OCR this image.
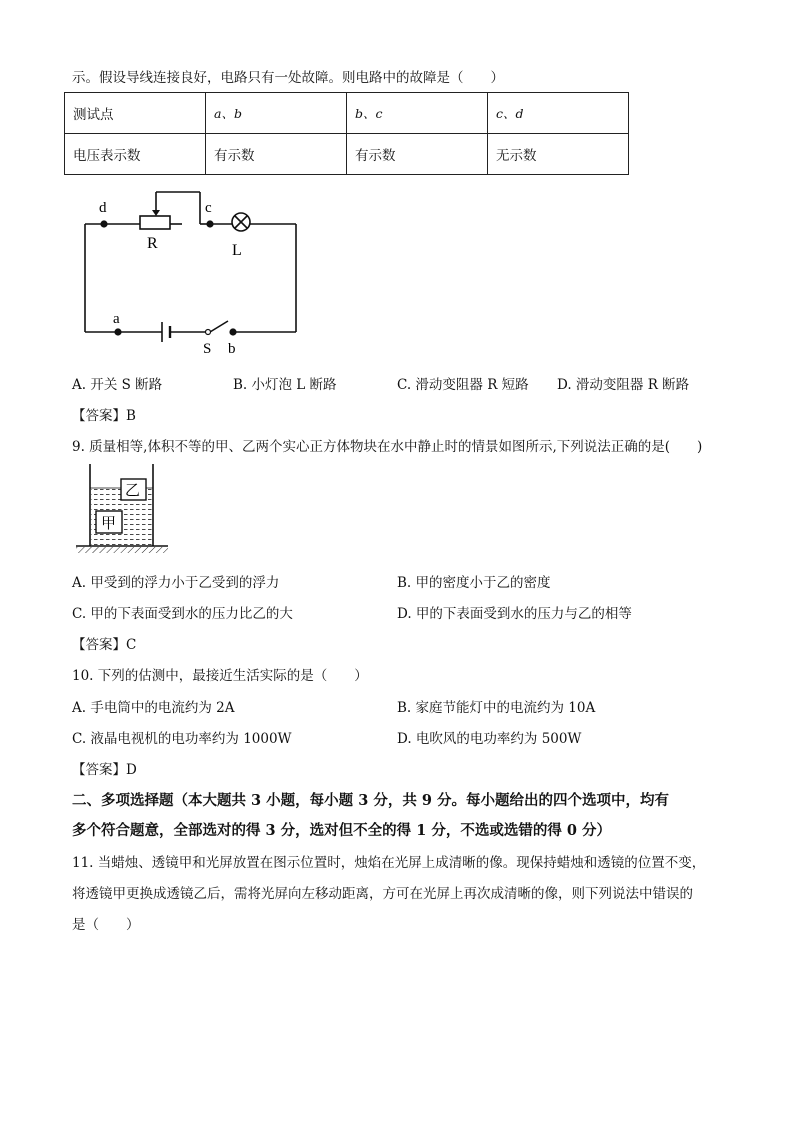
示。假设导线连接良好，电路只有一处故障。则电路中的故障是（　　）
测试点	a、b	b、c	c、d
电压表示数	有示数	有示数	无示数
d	c
R	L
a
S b
A. 开关 S 断路	B. 小灯泡 L 断路	C. 滑动变阻器 R 短路 D. 滑动变阻器 R 断路
【答案】B
9. 质量相等,体积不等的甲、乙两个实心正方体物块在水中静止时的情景如图所示,下列说法正确的是(　　)
乙
甲
A. 甲受到的浮力小于乙受到的浮力	B. 甲的密度小于乙的密度
C. 甲的下表面受到水的压力比乙的大	D. 甲的下表面受到水的压力与乙的相等
【答案】C
10. 下列的估测中，最接近生活实际的是（　　）
A. 手电筒中的电流约为 2A	B. 家庭节能灯中的电流约为 10A
C. 液晶电视机的电功率约为 1000W	D. 电吹风的电功率约为 500W
【答案】D
二、多项选择题（本大题共 3 小题，每小题 3 分，共 9 分。每小题给出的四个选项中，均有
多个符合题意，全部选对的得 3 分，选对但不全的得 1 分，不选或选错的得 0 分）
11. 当蜡烛、透镜甲和光屏放置在图示位置时，烛焰在光屏上成清晰的像。现保持蜡烛和透镜的位置不变，
将透镜甲更换成透镜乙后，需将光屏向左移动距离，方可在光屏上再次成清晰的像，则下列说法中错误的
是（　　）
